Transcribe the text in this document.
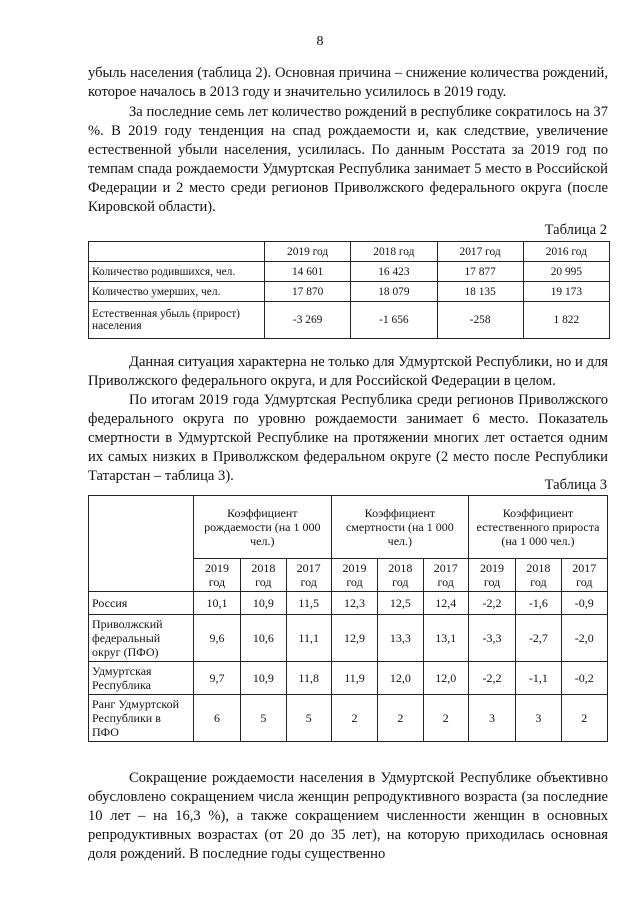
8

убыль населения (таблица 2). Основная причина – снижение количества рождений, которое началось в 2013 году и значительно усилилось в 2019 году.

За последние семь лет количество рождений в республике сократилось на 37 %. В 2019 году тенденция на спад рождаемости и, как следствие, увеличение естественной убыли населения, усилилась. По данным Росстата за 2019 год по темпам спада рождаемости Удмуртская Республика занимает 5 место в Российской Федерации и 2 место среди регионов Приволжского федерального округа (после Кировской области).

Таблица 2
	2019 год	2018 год	2017 год	2016 год
Количество родившихся, чел.	14 601	16 423	17 877	20 995
Количество умерших, чел.	17 870	18 079	18 135	19 173
Естественная убыль (прирост) населения	-3 269	-1 656	-258	1 822

Данная ситуация характерна не только для Удмуртской Республики, но и для Приволжского федерального округа, и для Российской Федерации в целом.

По итогам 2019 года Удмуртская Республика среди регионов Приволжского федерального округа по уровню рождаемости занимает 6 место. Показатель смертности в Удмуртской Республике на протяжении многих лет остается одним их самых низких в Приволжском федеральном округе (2 место после Республики Татарстан – таблица 3).

Таблица 3
	Коэффициент рождаемости (на 1 000 чел.)			Коэффициент смертности (на 1 000 чел.)			Коэффициент естественного прироста (на 1 000 чел.)		
	2019 год	2018 год	2017 год	2019 год	2018 год	2017 год	2019 год	2018 год	2017 год
Россия	10,1	10,9	11,5	12,3	12,5	12,4	-2,2	-1,6	-0,9
Приволжский федеральный округ (ПФО)	9,6	10,6	11,1	12,9	13,3	13,1	-3,3	-2,7	-2,0
Удмуртская Республика	9,7	10,9	11,8	11,9	12,0	12,0	-2,2	-1,1	-0,2
Ранг Удмуртской Республики в ПФО	6	5	5	2	2	2	3	3	2

Сокращение рождаемости населения в Удмуртской Республике объективно обусловлено сокращением числа женщин репродуктивного возраста (за последние 10 лет – на 16,3 %), а также сокращением численности женщин в основных репродуктивных возрастах (от 20 до 35 лет), на которую приходилась основная доля рождений. В последние годы существенно
